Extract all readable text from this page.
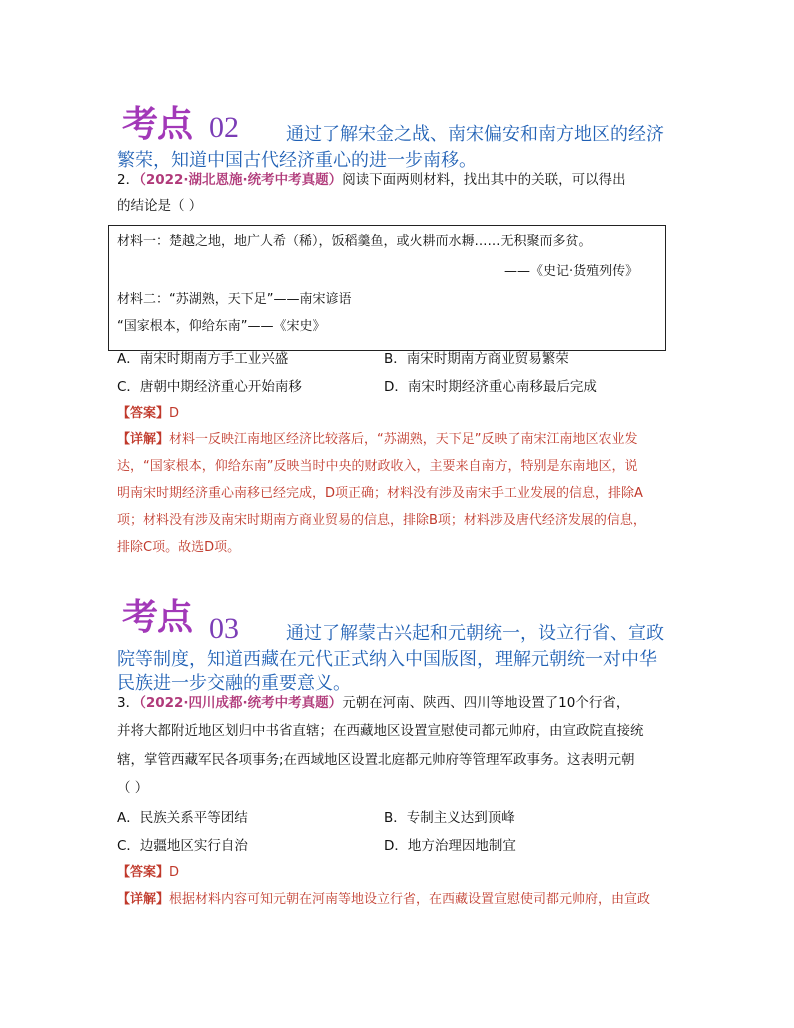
考点 02	通过了解宋金之战、南宋偏安和南方地区的经济
繁荣，知道中国古代经济重心的进一步南移。
2．（2022·湖北恩施·统考中考真题）阅读下面两则材料，找出其中的关联，可以得出
的结论是（ ）
材料一：楚越之地，地广人希（稀），饭稻羹鱼，或火耕而水耨……无积聚而多贫。
——《史记·货殖列传》
材料二：“苏湖熟，天下足”——南宋谚语
“国家根本，仰给东南”——《宋史》
A．南宋时期南方手工业兴盛	B．南宋时期南方商业贸易繁荣
C．唐朝中期经济重心开始南移	D．南宋时期经济重心南移最后完成
【答案】D
【详解】材料一反映江南地区经济比较落后，“苏湖熟，天下足”反映了南宋江南地区农业发
达，“国家根本，仰给东南”反映当时中央的财政收入，主要来自南方，特别是东南地区，说
明南宋时期经济重心南移已经完成，D项正确；材料没有涉及南宋手工业发展的信息，排除A
项；材料没有涉及南宋时期南方商业贸易的信息，排除B项；材料涉及唐代经济发展的信息，
排除C项。故选D项。
考点 03	通过了解蒙古兴起和元朝统一，设立行省、宣政
院等制度，知道西藏在元代正式纳入中国版图，理解元朝统一对中华
民族进一步交融的重要意义。
3．（2022·四川成都·统考中考真题）元朝在河南、陕西、四川等地设置了10个行省，
并将大都附近地区划归中书省直辖；在西藏地区设置宣慰使司都元帅府，由宣政院直接统
辖，掌管西藏军民各项事务;在西域地区设置北庭都元帅府等管理军政事务。这表明元朝
（ ）
A．民族关系平等团结	B．专制主义达到顶峰
C．边疆地区实行自治	D．地方治理因地制宜
【答案】D
【详解】根据材料内容可知元朝在河南等地设立行省，在西藏设置宣慰使司都元帅府，由宣政
